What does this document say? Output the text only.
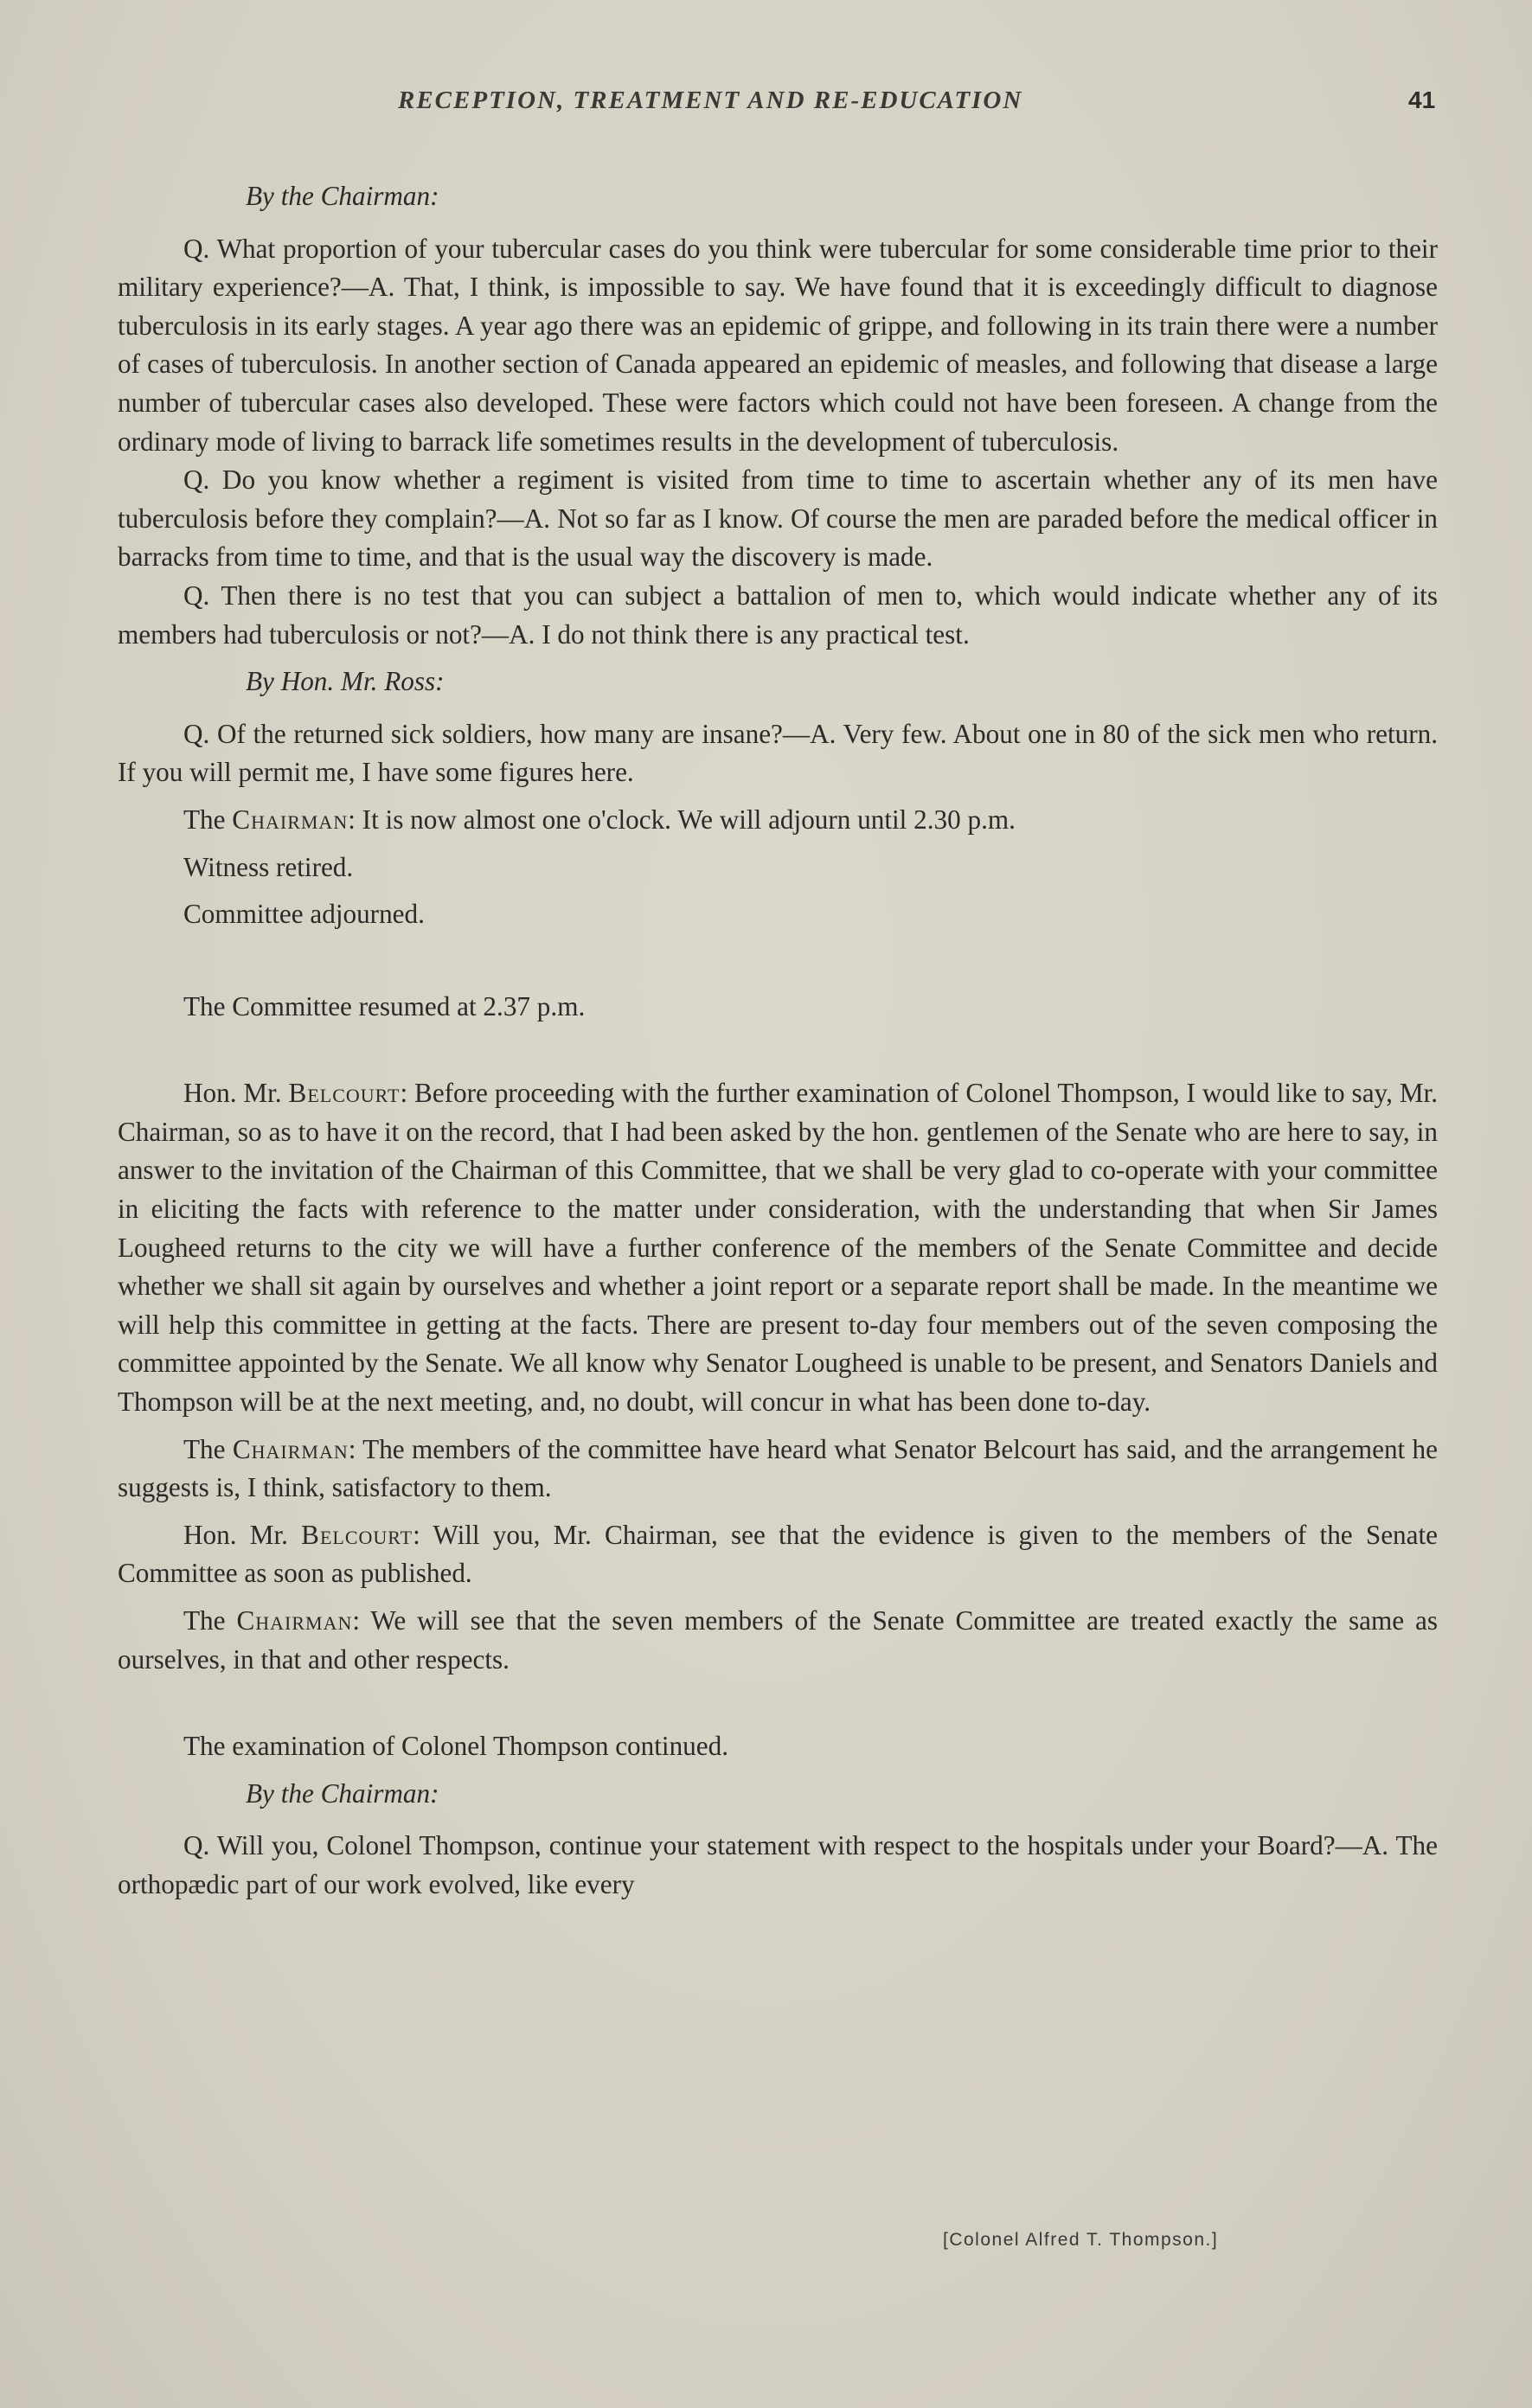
RECEPTION, TREATMENT AND RE-EDUCATION	41

By the Chairman:

Q. What proportion of your tubercular cases do you think were tubercular for some considerable time prior to their military experience?—A. That, I think, is impossible to say. We have found that it is exceedingly difficult to diagnose tuberculosis in its early stages. A year ago there was an epidemic of grippe, and following in its train there were a number of cases of tuberculosis. In another section of Canada appeared an epidemic of measles, and following that disease a large number of tubercular cases also developed. These were factors which could not have been foreseen. A change from the ordinary mode of living to barrack life sometimes results in the development of tuberculosis.

Q. Do you know whether a regiment is visited from time to time to ascertain whether any of its men have tuberculosis before they complain?—A. Not so far as I know. Of course the men are paraded before the medical officer in barracks from time to time, and that is the usual way the discovery is made.

Q. Then there is no test that you can subject a battalion of men to, which would indicate whether any of its members had tuberculosis or not?—A. I do not think there is any practical test.

By Hon. Mr. Ross:

Q. Of the returned sick soldiers, how many are insane?—A. Very few. About one in 80 of the sick men who return. If you will permit me, I have some figures here.

The Chairman: It is now almost one o'clock. We will adjourn until 2.30 p.m.

Witness retired.

Committee adjourned.

The Committee resumed at 2.37 p.m.

Hon. Mr. Belcourt: Before proceeding with the further examination of Colonel Thompson, I would like to say, Mr. Chairman, so as to have it on the record, that I had been asked by the hon. gentlemen of the Senate who are here to say, in answer to the invitation of the Chairman of this Committee, that we shall be very glad to co-operate with your committee in eliciting the facts with reference to the matter under consideration, with the understanding that when Sir James Lougheed returns to the city we will have a further conference of the members of the Senate Committee and decide whether we shall sit again by ourselves and whether a joint report or a separate report shall be made. In the meantime we will help this committee in getting at the facts. There are present to-day four members out of the seven composing the committee appointed by the Senate. We all know why Senator Lougheed is unable to be present, and Senators Daniels and Thompson will be at the next meeting, and, no doubt, will concur in what has been done to-day.

The Chairman: The members of the committee have heard what Senator Belcourt has said, and the arrangement he suggests is, I think, satisfactory to them.

Hon. Mr. Belcourt: Will you, Mr. Chairman, see that the evidence is given to the members of the Senate Committee as soon as published.

The Chairman: We will see that the seven members of the Senate Committee are treated exactly the same as ourselves, in that and other respects.

The examination of Colonel Thompson continued.

By the Chairman:

Q. Will you, Colonel Thompson, continue your statement with respect to the hospitals under your Board?—A. The orthopædic part of our work evolved, like every

[Colonel Alfred T. Thompson.]
